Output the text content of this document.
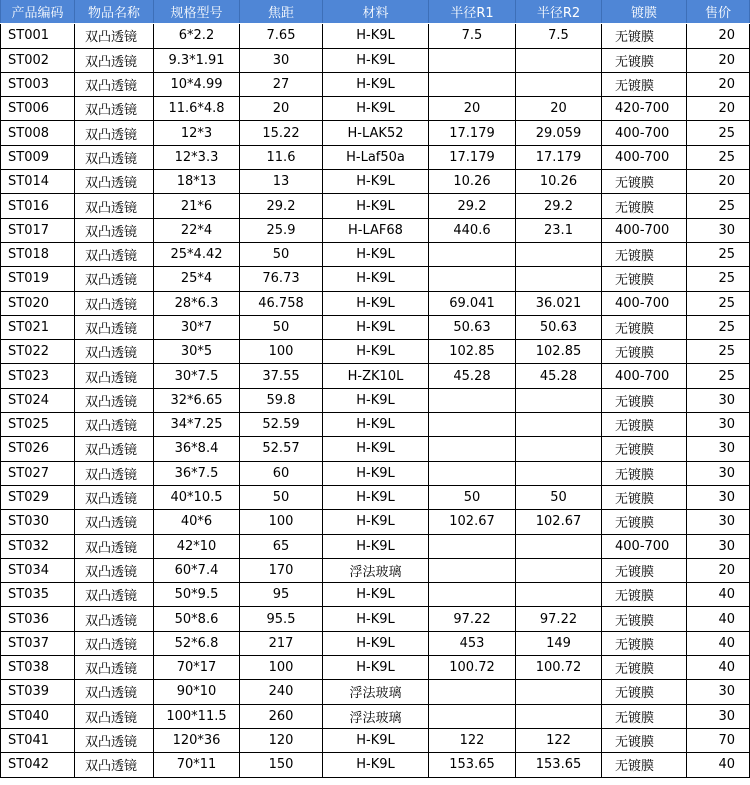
产品编码	物品名称	规格型号	焦距	材料	半径R1	半径R2	镀膜	售价
ST001	双凸透镜	6*2.2	7.65	H-K9L	7.5	7.5	无镀膜	20
ST002	双凸透镜	9.3*1.91	30	H-K9L			无镀膜	20
ST003	双凸透镜	10*4.99	27	H-K9L			无镀膜	20
ST006	双凸透镜	11.6*4.8	20	H-K9L	20	20	420-700	20
ST008	双凸透镜	12*3	15.22	H-LAK52	17.179	29.059	400-700	25
ST009	双凸透镜	12*3.3	11.6	H-Laf50a	17.179	17.179	400-700	25
ST014	双凸透镜	18*13	13	H-K9L	10.26	10.26	无镀膜	20
ST016	双凸透镜	21*6	29.2	H-K9L	29.2	29.2	无镀膜	25
ST017	双凸透镜	22*4	25.9	H-LAF68	440.6	23.1	400-700	30
ST018	双凸透镜	25*4.42	50	H-K9L			无镀膜	25
ST019	双凸透镜	25*4	76.73	H-K9L			无镀膜	25
ST020	双凸透镜	28*6.3	46.758	H-K9L	69.041	36.021	400-700	25
ST021	双凸透镜	30*7	50	H-K9L	50.63	50.63	无镀膜	25
ST022	双凸透镜	30*5	100	H-K9L	102.85	102.85	无镀膜	25
ST023	双凸透镜	30*7.5	37.55	H-ZK10L	45.28	45.28	400-700	25
ST024	双凸透镜	32*6.65	59.8	H-K9L			无镀膜	30
ST025	双凸透镜	34*7.25	52.59	H-K9L			无镀膜	30
ST026	双凸透镜	36*8.4	52.57	H-K9L			无镀膜	30
ST027	双凸透镜	36*7.5	60	H-K9L			无镀膜	30
ST029	双凸透镜	40*10.5	50	H-K9L	50	50	无镀膜	30
ST030	双凸透镜	40*6	100	H-K9L	102.67	102.67	无镀膜	30
ST032	双凸透镜	42*10	65	H-K9L			400-700	30
ST034	双凸透镜	60*7.4	170	浮法玻璃			无镀膜	20
ST035	双凸透镜	50*9.5	95	H-K9L			无镀膜	40
ST036	双凸透镜	50*8.6	95.5	H-K9L	97.22	97.22	无镀膜	40
ST037	双凸透镜	52*6.8	217	H-K9L	453	149	无镀膜	40
ST038	双凸透镜	70*17	100	H-K9L	100.72	100.72	无镀膜	40
ST039	双凸透镜	90*10	240	浮法玻璃			无镀膜	30
ST040	双凸透镜	100*11.5	260	浮法玻璃			无镀膜	30
ST041	双凸透镜	120*36	120	H-K9L	122	122	无镀膜	70
ST042	双凸透镜	70*11	150	H-K9L	153.65	153.65	无镀膜	40
